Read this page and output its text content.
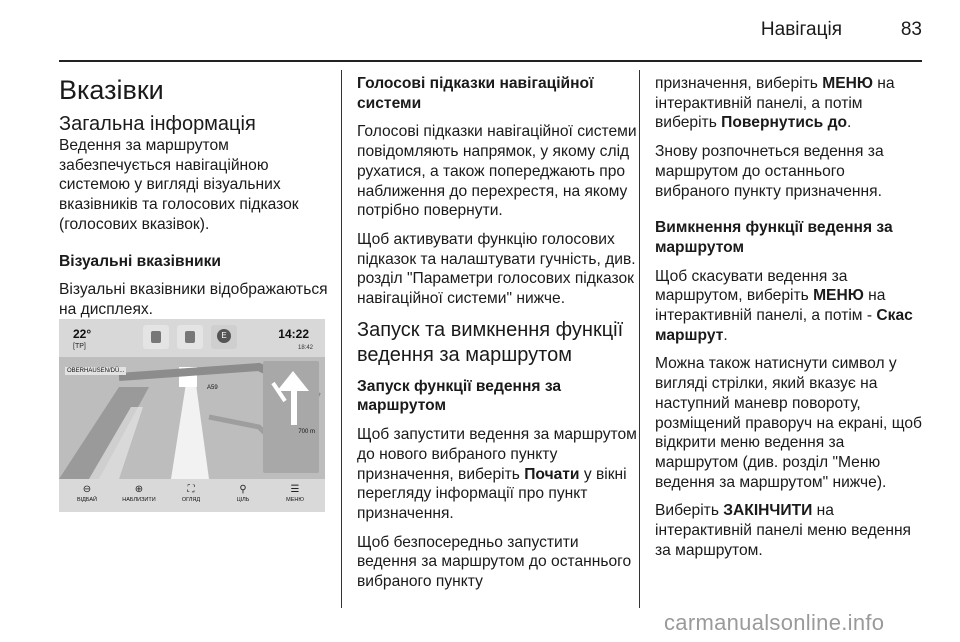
Навігація	83
Вказівки
Загальна інформація

Ведення за маршрутом забезпечується навігаційною системою у вигляді візуальних вказівників та голосових підказок (голосових вказівок).

Візуальні вказівники

Візуальні вказівники відображаються на дисплеях.

22°
[TP]
E	14:22
18:42
A59
OBERHAUSEN/DÜ...
700 m
⊖
ВІДБАЙ
⊕
НАБЛИЗИТИ
⛶
ОГЛЯД
⚲
ЦІЛЬ
☰
МЕНЮ

Голосові підказки навігаційної системи

Голосові підказки навігаційної системи повідомляють напрямок, у якому слід рухатися, а також попереджають про наближення до перехрестя, на якому потрібно повернути.

Щоб активувати функцію голосових підказок та налаштувати гучність, див. розділ "Параметри голосових підказок навігаційної системи" нижче.

Запуск та вимкнення функції ведення за маршрутом

Запуск функції ведення за маршрутом

Щоб запустити ведення за маршрутом до нового вибраного пункту призначення, виберіть Почати у вікні перегляду інформації про пункт призначення.

Щоб безпосередньо запустити ведення за маршрутом до останнього вибраного пункту

призначення, виберіть МЕНЮ на інтерактивній панелі, а потім виберіть Повернутись до.

Знову розпочнеться ведення за маршрутом до останнього вибраного пункту призначення.

Вимкнення функції ведення за маршрутом

Щоб скасувати ведення за маршрутом, виберіть МЕНЮ на інтерактивній панелі, а потім - Скас маршрут.

Можна також натиснути символ у вигляді стрілки, який вказує на наступний маневр повороту, розміщений праворуч на екрані, щоб відкрити меню ведення за маршрутом (див. розділ "Меню ведення за маршрутом" нижче).

Виберіть ЗАКІНЧИТИ на інтерактивній панелі меню ведення за маршрутом.

carmanualsonline.info
